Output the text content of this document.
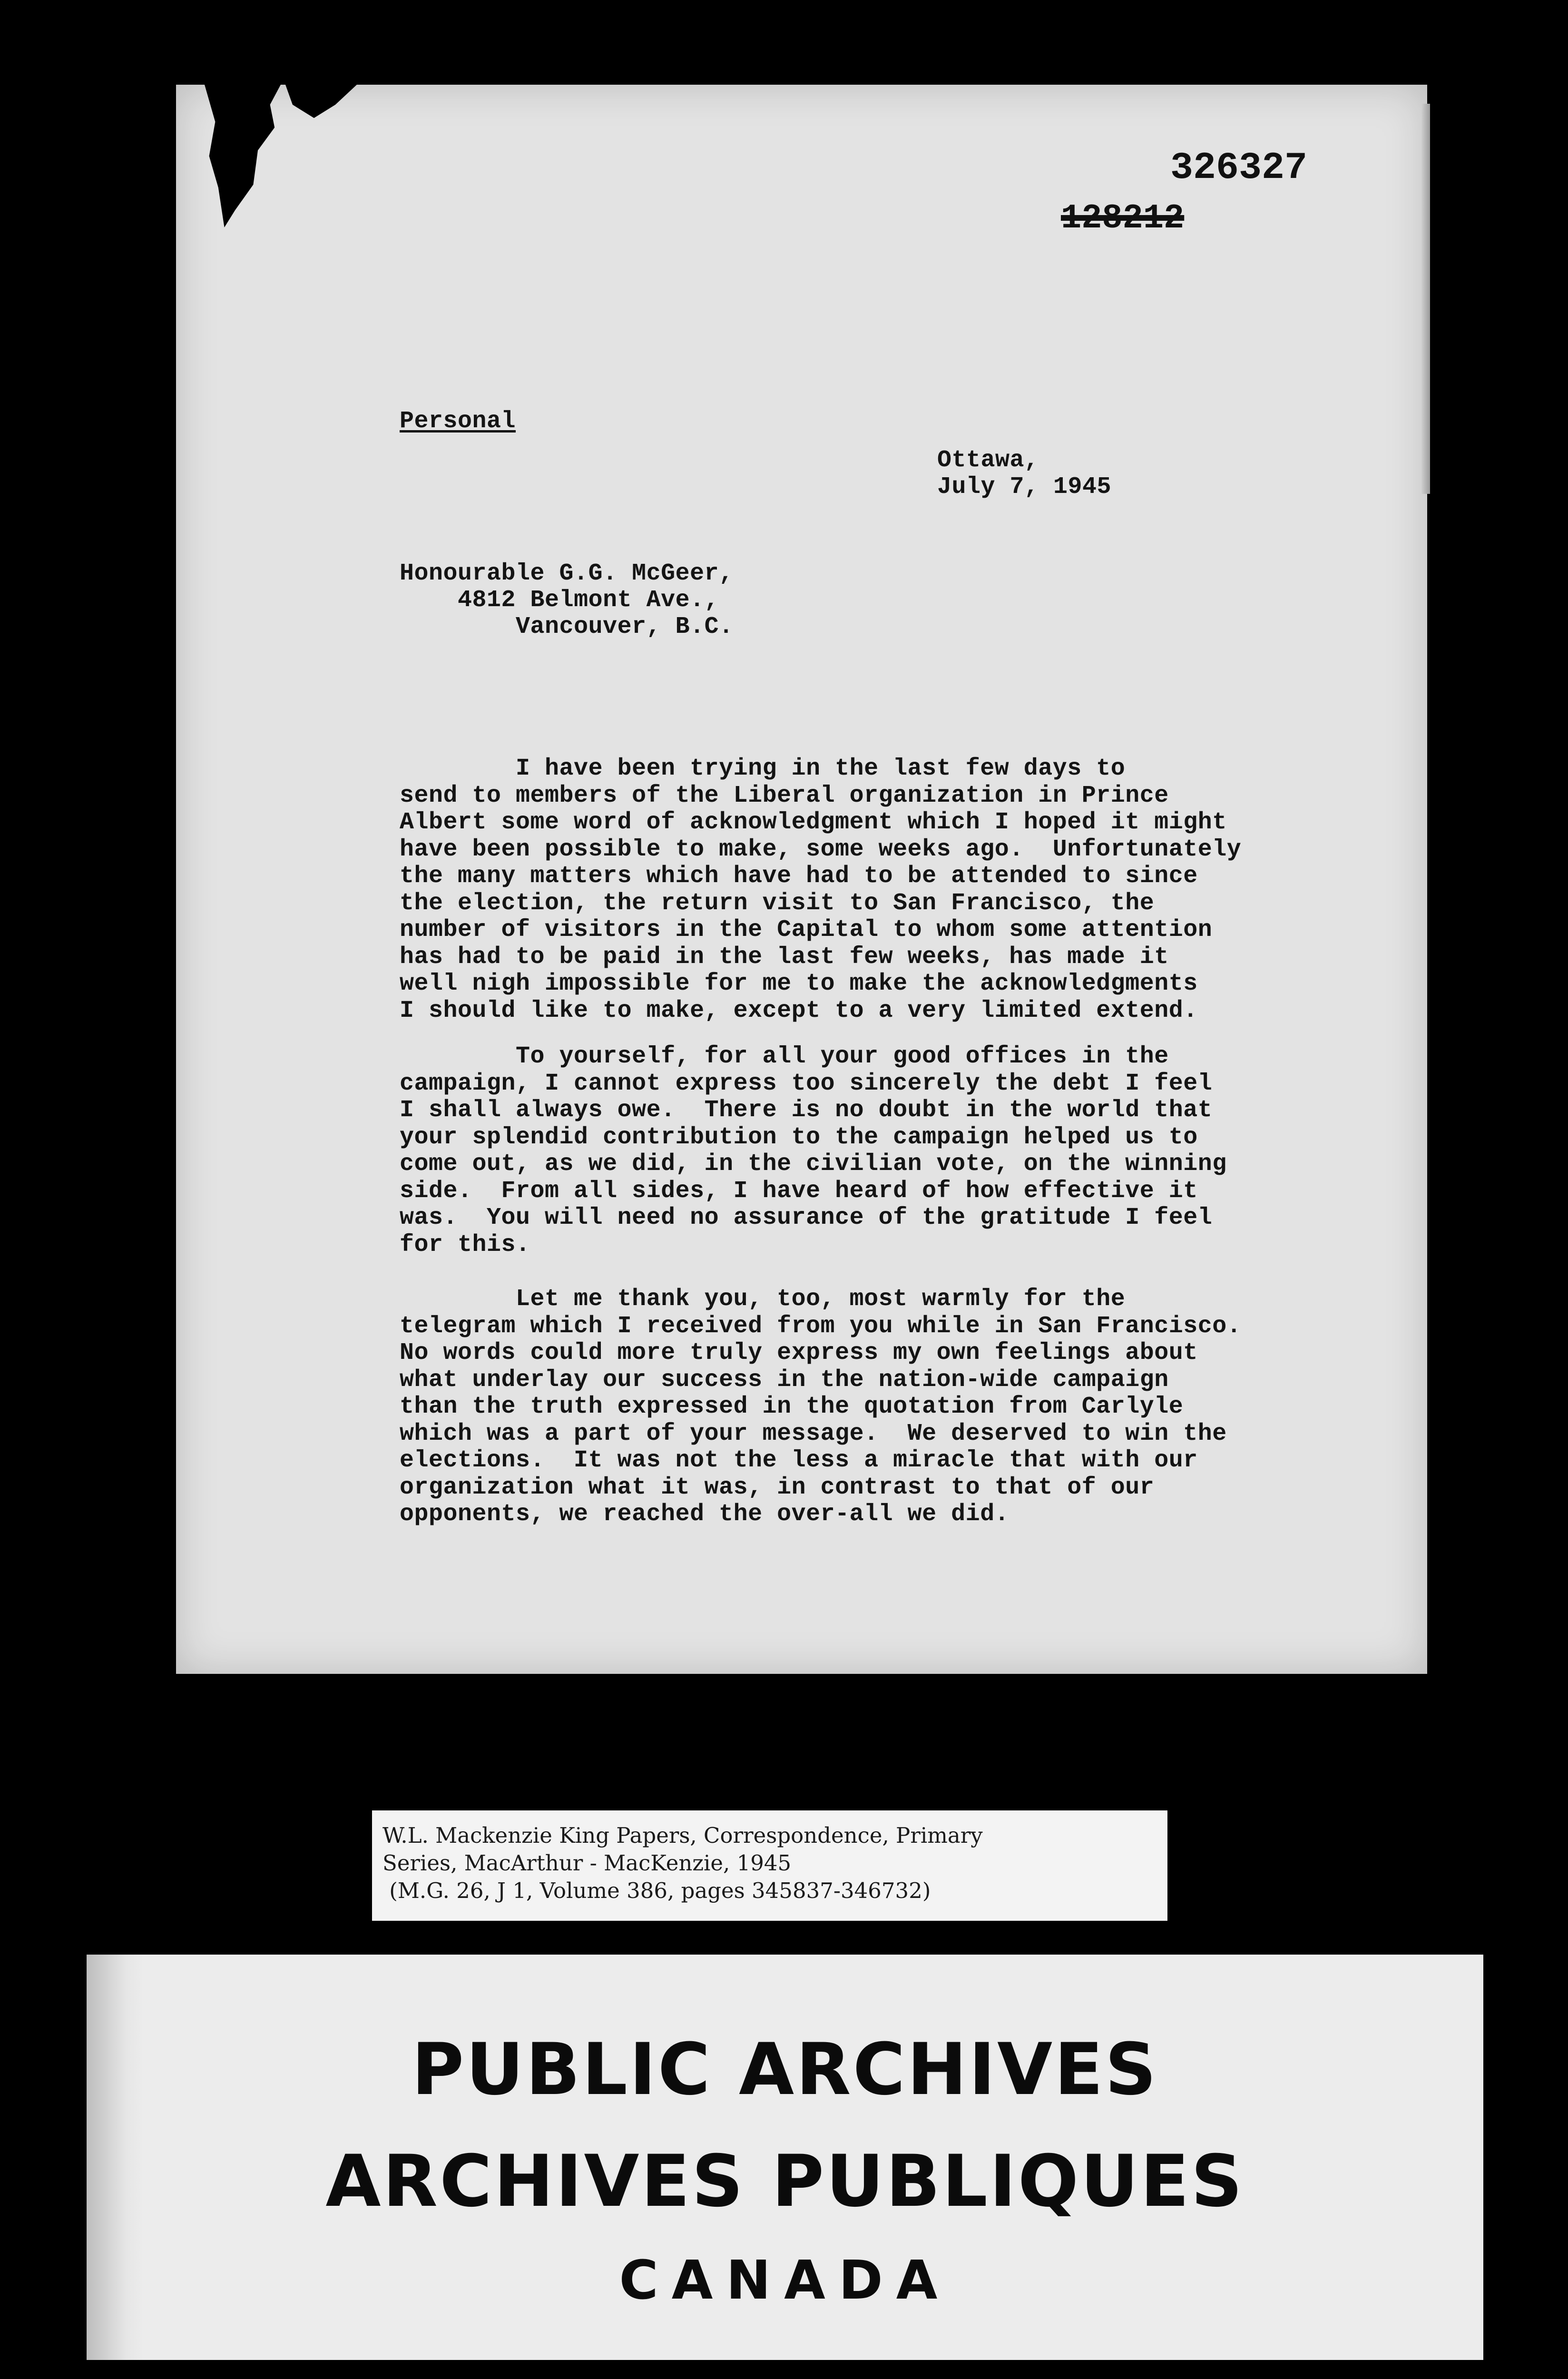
326327
128212
Personal
Ottawa,
July 7, 1945
Honourable G.G. McGeer,
4812 Belmont Ave.,
Vancouver, B.C.
I have been trying in the last few days to
send to members of the Liberal organization in Prince
Albert some word of acknowledgment which I hoped it might
have been possible to make, some weeks ago.  Unfortunately
the many matters which have had to be attended to since
the election, the return visit to San Francisco, the
number of visitors in the Capital to whom some attention
has had to be paid in the last few weeks, has made it
well nigh impossible for me to make the acknowledgments
I should like to make, except to a very limited extend.
To yourself, for all your good offices in the
campaign, I cannot express too sincerely the debt I feel
I shall always owe.  There is no doubt in the world that
your splendid contribution to the campaign helped us to
come out, as we did, in the civilian vote, on the winning
side.  From all sides, I have heard of how effective it
was.  You will need no assurance of the gratitude I feel
for this.
Let me thank you, too, most warmly for the
telegram which I received from you while in San Francisco.
No words could more truly express my own feelings about
what underlay our success in the nation-wide campaign
than the truth expressed in the quotation from Carlyle
which was a part of your message.  We deserved to win the
elections.  It was not the less a miracle that with our
organization what it was, in contrast to that of our
opponents, we reached the over-all we did.
W.L. Mackenzie King Papers, Correspondence, Primary
Series, MacArthur - MacKenzie, 1945
(M.G. 26, J 1, Volume 386, pages 345837-346732)
PUBLIC ARCHIVES
ARCHIVES PUBLIQUES
CANADA
